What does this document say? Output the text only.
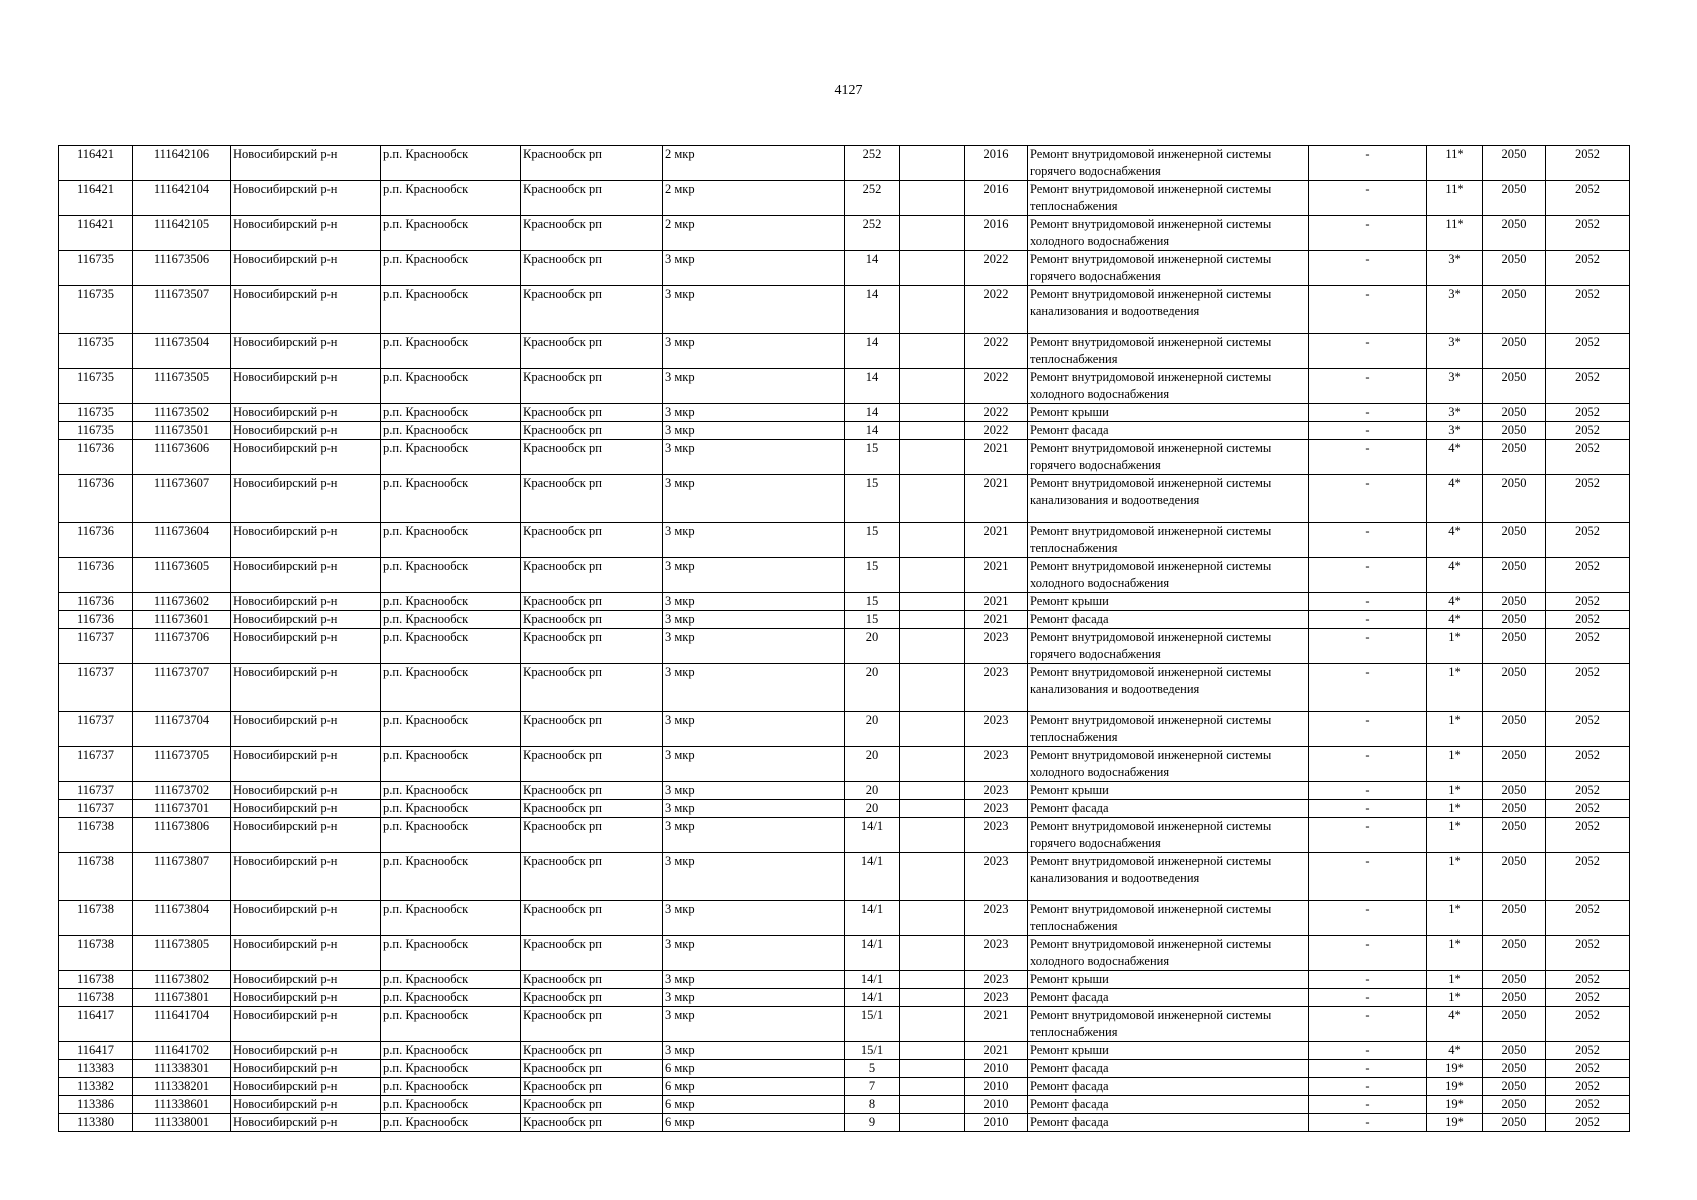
4127
116421	111642106	Новосибирский р-н	р.п. Краснообск	Краснообск рп	2 мкр	252		2016	Ремонт внутридомовой инженерной системы горячего водоснабжения	-	11*	2050	2052
116421	111642104	Новосибирский р-н	р.п. Краснообск	Краснообск рп	2 мкр	252		2016	Ремонт внутридомовой инженерной системы теплоснабжения	-	11*	2050	2052
116421	111642105	Новосибирский р-н	р.п. Краснообск	Краснообск рп	2 мкр	252		2016	Ремонт внутридомовой инженерной системы холодного водоснабжения	-	11*	2050	2052
116735	111673506	Новосибирский р-н	р.п. Краснообск	Краснообск рп	3 мкр	14		2022	Ремонт внутридомовой инженерной системы горячего водоснабжения	-	3*	2050	2052
116735	111673507	Новосибирский р-н	р.п. Краснообск	Краснообск рп	3 мкр	14		2022	Ремонт внутридомовой инженерной системы канализования и водоотведения	-	3*	2050	2052
116735	111673504	Новосибирский р-н	р.п. Краснообск	Краснообск рп	3 мкр	14		2022	Ремонт внутридомовой инженерной системы теплоснабжения	-	3*	2050	2052
116735	111673505	Новосибирский р-н	р.п. Краснообск	Краснообск рп	3 мкр	14		2022	Ремонт внутридомовой инженерной системы холодного водоснабжения	-	3*	2050	2052
116735	111673502	Новосибирский р-н	р.п. Краснообск	Краснообск рп	3 мкр	14		2022	Ремонт крыши	-	3*	2050	2052
116735	111673501	Новосибирский р-н	р.п. Краснообск	Краснообск рп	3 мкр	14		2022	Ремонт фасада	-	3*	2050	2052
116736	111673606	Новосибирский р-н	р.п. Краснообск	Краснообск рп	3 мкр	15		2021	Ремонт внутридомовой инженерной системы горячего водоснабжения	-	4*	2050	2052
116736	111673607	Новосибирский р-н	р.п. Краснообск	Краснообск рп	3 мкр	15		2021	Ремонт внутридомовой инженерной системы канализования и водоотведения	-	4*	2050	2052
116736	111673604	Новосибирский р-н	р.п. Краснообск	Краснообск рп	3 мкр	15		2021	Ремонт внутридомовой инженерной системы теплоснабжения	-	4*	2050	2052
116736	111673605	Новосибирский р-н	р.п. Краснообск	Краснообск рп	3 мкр	15		2021	Ремонт внутридомовой инженерной системы холодного водоснабжения	-	4*	2050	2052
116736	111673602	Новосибирский р-н	р.п. Краснообск	Краснообск рп	3 мкр	15		2021	Ремонт крыши	-	4*	2050	2052
116736	111673601	Новосибирский р-н	р.п. Краснообск	Краснообск рп	3 мкр	15		2021	Ремонт фасада	-	4*	2050	2052
116737	111673706	Новосибирский р-н	р.п. Краснообск	Краснообск рп	3 мкр	20		2023	Ремонт внутридомовой инженерной системы горячего водоснабжения	-	1*	2050	2052
116737	111673707	Новосибирский р-н	р.п. Краснообск	Краснообск рп	3 мкр	20		2023	Ремонт внутридомовой инженерной системы канализования и водоотведения	-	1*	2050	2052
116737	111673704	Новосибирский р-н	р.п. Краснообск	Краснообск рп	3 мкр	20		2023	Ремонт внутридомовой инженерной системы теплоснабжения	-	1*	2050	2052
116737	111673705	Новосибирский р-н	р.п. Краснообск	Краснообск рп	3 мкр	20		2023	Ремонт внутридомовой инженерной системы холодного водоснабжения	-	1*	2050	2052
116737	111673702	Новосибирский р-н	р.п. Краснообск	Краснообск рп	3 мкр	20		2023	Ремонт крыши	-	1*	2050	2052
116737	111673701	Новосибирский р-н	р.п. Краснообск	Краснообск рп	3 мкр	20		2023	Ремонт фасада	-	1*	2050	2052
116738	111673806	Новосибирский р-н	р.п. Краснообск	Краснообск рп	3 мкр	14/1		2023	Ремонт внутридомовой инженерной системы горячего водоснабжения	-	1*	2050	2052
116738	111673807	Новосибирский р-н	р.п. Краснообск	Краснообск рп	3 мкр	14/1		2023	Ремонт внутридомовой инженерной системы канализования и водоотведения	-	1*	2050	2052
116738	111673804	Новосибирский р-н	р.п. Краснообск	Краснообск рп	3 мкр	14/1		2023	Ремонт внутридомовой инженерной системы теплоснабжения	-	1*	2050	2052
116738	111673805	Новосибирский р-н	р.п. Краснообск	Краснообск рп	3 мкр	14/1		2023	Ремонт внутридомовой инженерной системы холодного водоснабжения	-	1*	2050	2052
116738	111673802	Новосибирский р-н	р.п. Краснообск	Краснообск рп	3 мкр	14/1		2023	Ремонт крыши	-	1*	2050	2052
116738	111673801	Новосибирский р-н	р.п. Краснообск	Краснообск рп	3 мкр	14/1		2023	Ремонт фасада	-	1*	2050	2052
116417	111641704	Новосибирский р-н	р.п. Краснообск	Краснообск рп	3 мкр	15/1		2021	Ремонт внутридомовой инженерной системы теплоснабжения	-	4*	2050	2052
116417	111641702	Новосибирский р-н	р.п. Краснообск	Краснообск рп	3 мкр	15/1		2021	Ремонт крыши	-	4*	2050	2052
113383	111338301	Новосибирский р-н	р.п. Краснообск	Краснообск рп	6 мкр	5		2010	Ремонт фасада	-	19*	2050	2052
113382	111338201	Новосибирский р-н	р.п. Краснообск	Краснообск рп	6 мкр	7		2010	Ремонт фасада	-	19*	2050	2052
113386	111338601	Новосибирский р-н	р.п. Краснообск	Краснообск рп	6 мкр	8		2010	Ремонт фасада	-	19*	2050	2052
113380	111338001	Новосибирский р-н	р.п. Краснообск	Краснообск рп	6 мкр	9		2010	Ремонт фасада	-	19*	2050	2052
